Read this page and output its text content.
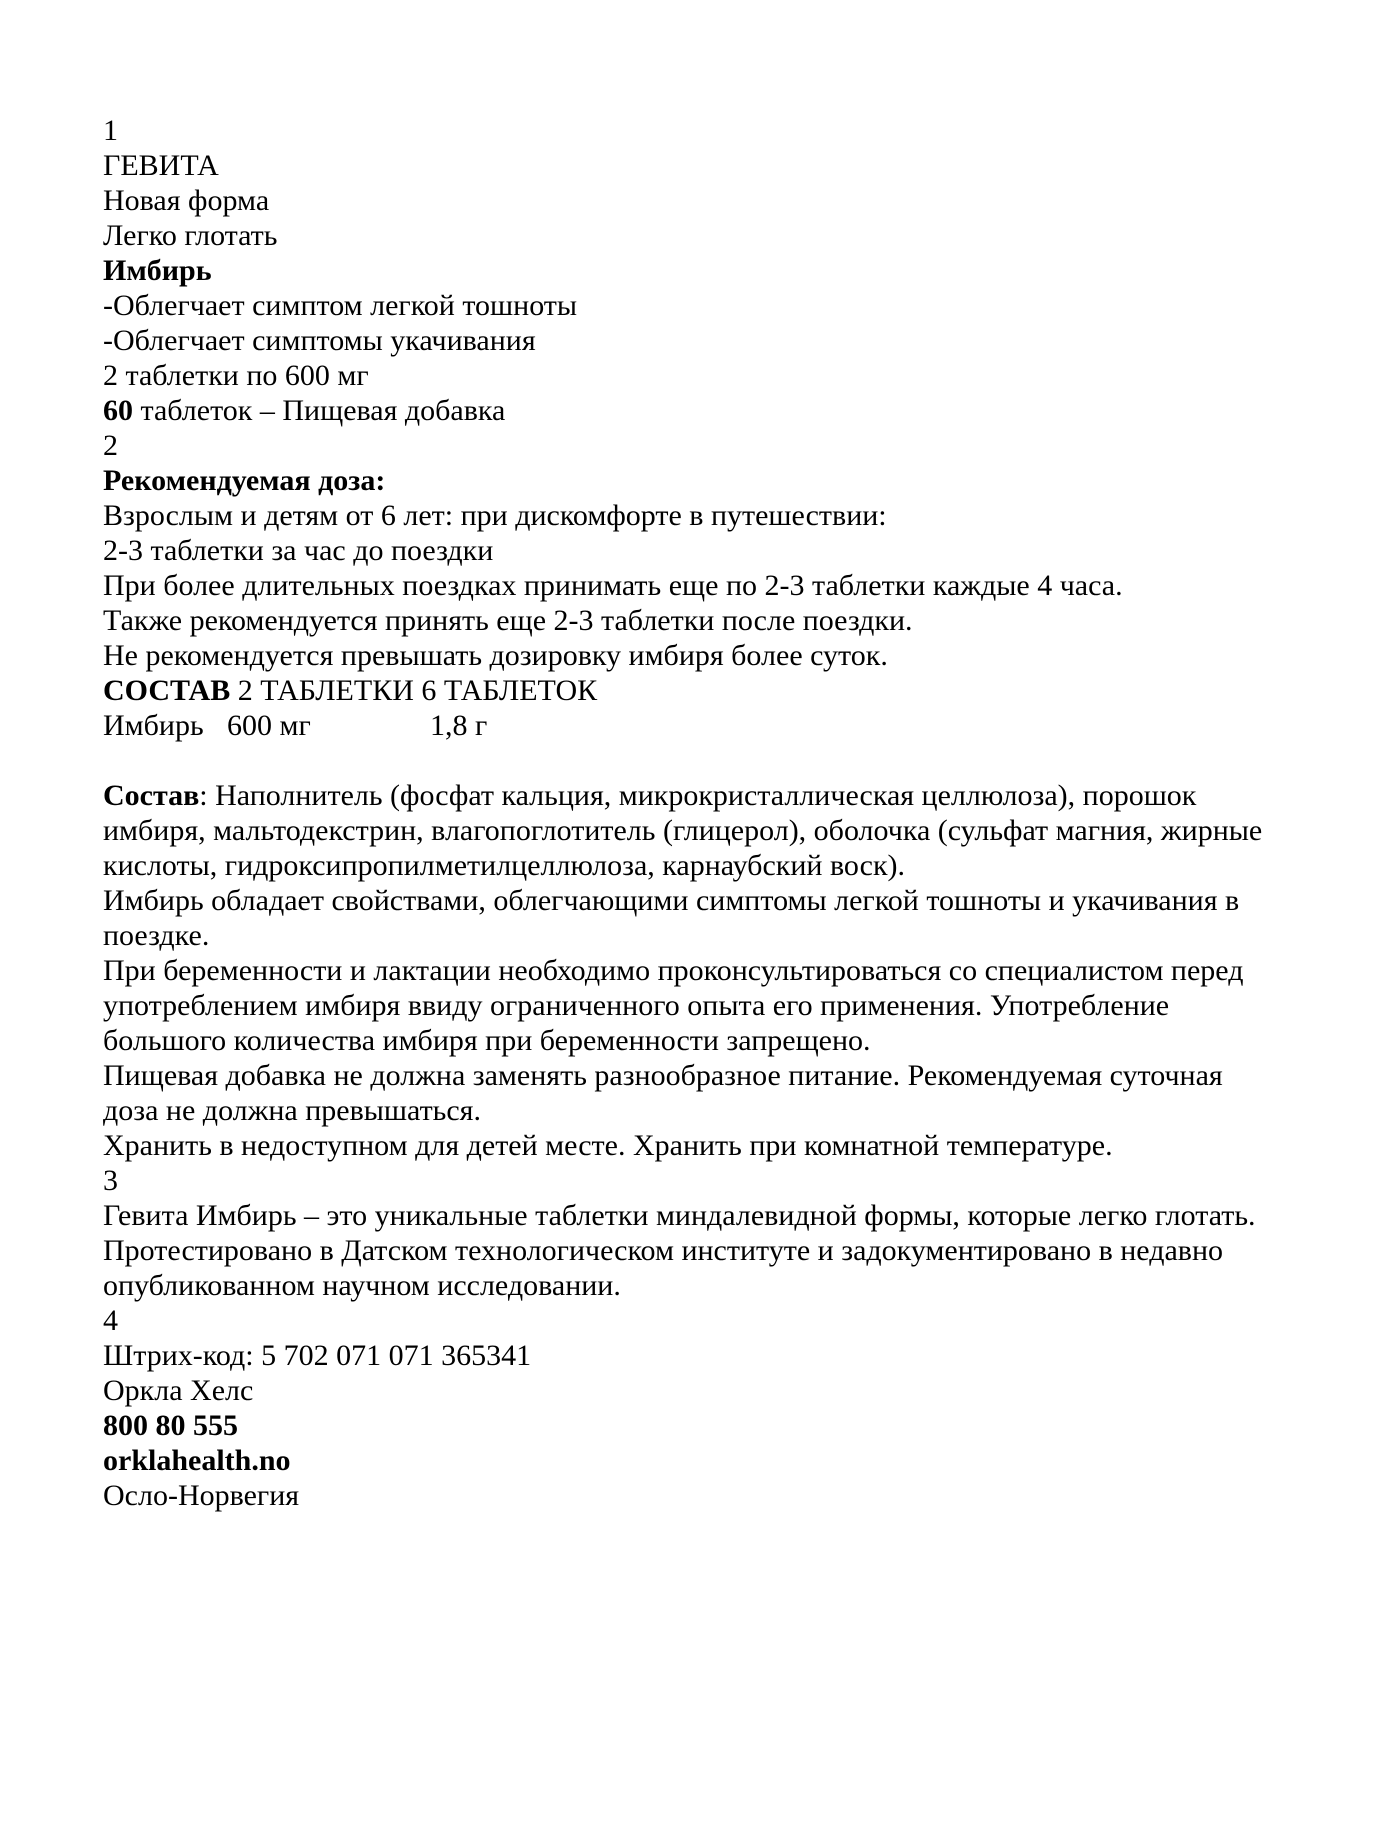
1
ГЕВИТА
Новая форма
Легко глотать
Имбирь
-Облегчает симптом легкой тошноты
-Облегчает симптомы укачивания
2 таблетки по 600 мг
60 таблеток – Пищевая добавка
2
Рекомендуемая доза:
Взрослым и детям от 6 лет: при дискомфорте в путешествии:
2-3 таблетки за час до поездки
При более длительных поездках принимать еще по 2-3 таблетки каждые 4 часа.
Также рекомендуется принять еще 2-3 таблетки после поездки.
Не рекомендуется превышать дозировку имбиря более суток.
СОСТАВ 2 ТАБЛЕТКИ 6 ТАБЛЕТОК
Имбирь 600 мг	1,8 г

Состав: Наполнитель (фосфат кальция, микрокристаллическая целлюлоза), порошок
имбиря, мальтодекстрин, влагопоглотитель (глицерол), оболочка (сульфат магния, жирные
кислоты, гидроксипропилметилцеллюлоза, карнаубский воск).
Имбирь обладает свойствами, облегчающими симптомы легкой тошноты и укачивания в
поездке.
При беременности и лактации необходимо проконсультироваться со специалистом перед
употреблением имбиря ввиду ограниченного опыта его применения. Употребление
большого количества имбиря при беременности запрещено.
Пищевая добавка не должна заменять разнообразное питание. Рекомендуемая суточная
доза не должна превышаться.
Хранить в недоступном для детей месте. Хранить при комнатной температуре.
3
Гевита Имбирь – это уникальные таблетки миндалевидной формы, которые легко глотать.
Протестировано в Датском технологическом институте и задокументировано в недавно
опубликованном научном исследовании.
4
Штрих-код: 5 702 071 071 365341
Оркла Хелс
800 80 555
orklahealth.no
Осло-Норвегия
